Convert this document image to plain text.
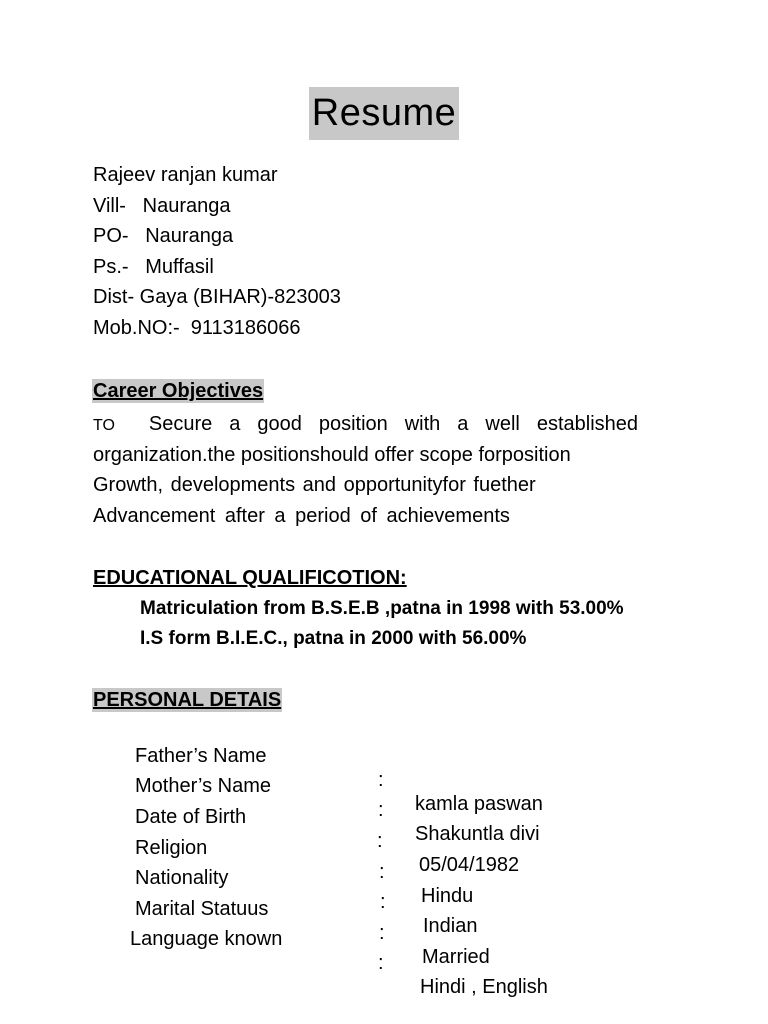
Resume
Rajeev ranjan kumar
Vill-   Nauranga
PO-   Nauranga
Ps.-   Muffasil
Dist- Gaya (BIHAR)-823003
Mob.NO:-  9113186066
Career Objectives
TO Secure a good position with a well established
organization.the positionshould offer scope forposition
Growth, developments and opportunityfor fuether
Advancement after a period of achievements
EDUCATIONAL QUALIFICOTION:
Matriculation from B.S.E.B ,patna in 1998 with 53.00%
I.S form B.I.E.C., patna in 2000 with 56.00%
PERSONAL DETAIS

Father’s Name

:

kamla paswan

Mother’s Name

:

Shakuntla divi

Date of Birth

:

05/04/1982

Religion

:

Hindu

Nationality

:

Indian

Marital Statuus

:

Married

Language known

:

Hindi , English
